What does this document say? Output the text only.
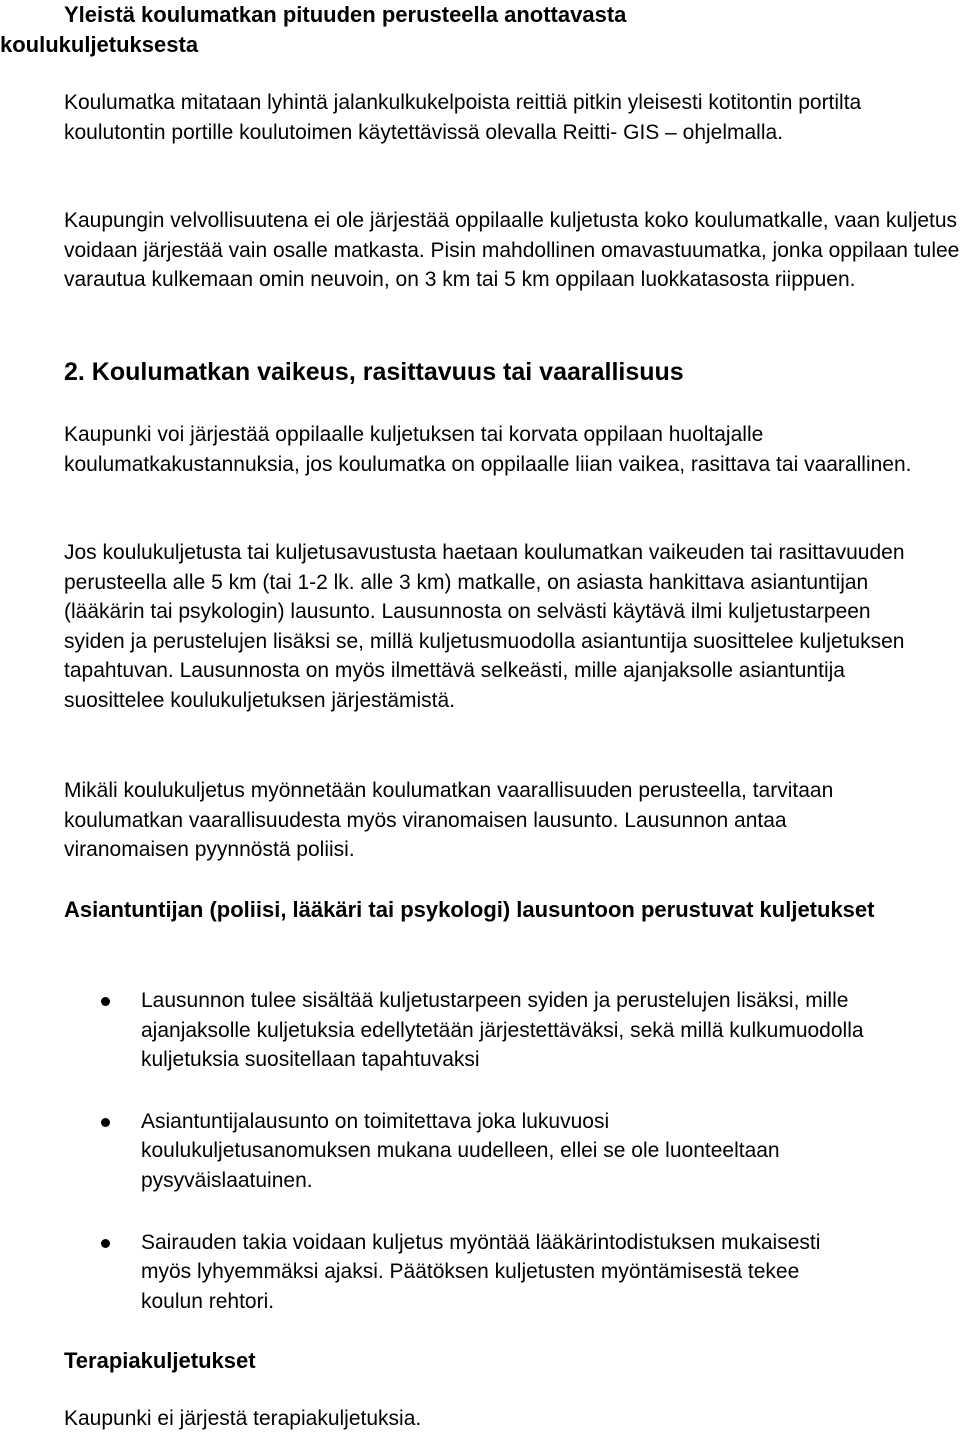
Yleistä koulumatkan pituuden perusteella anottavasta
koulukuljetuksesta

Koulumatka mitataan lyhintä jalankulkukelpoista reittiä pitkin yleisesti kotitontin portilta koulutontin portille koulutoimen käytettävissä olevalla Reitti- GIS – ohjelmalla.

Kaupungin velvollisuutena ei ole järjestää oppilaalle kuljetusta koko koulumatkalle, vaan kuljetus voidaan järjestää vain osalle matkasta. Pisin mahdollinen omavastuumatka, jonka oppilaan tulee varautua kulkemaan omin neuvoin, on 3 km tai 5 km oppilaan luokkatasosta riippuen.

2. Koulumatkan vaikeus, rasittavuus tai vaarallisuus

Kaupunki voi järjestää oppilaalle kuljetuksen tai korvata oppilaan huoltajalle koulumatkakustannuksia, jos koulumatka on oppilaalle liian vaikea, rasittava tai vaarallinen.

Jos koulukuljetusta tai kuljetusavustusta haetaan koulumatkan vaikeuden tai rasittavuuden perusteella alle 5 km (tai 1-2 lk. alle 3 km) matkalle, on asiasta hankittava asiantuntijan (lääkärin tai psykologin) lausunto. Lausunnosta on selvästi käytävä ilmi kuljetustarpeen syiden ja perustelujen lisäksi se, millä kuljetusmuodolla asiantuntija suosittelee kuljetuksen tapahtuvan. Lausunnosta on myös ilmettävä selkeästi, mille ajanjaksolle asiantuntija suosittelee koulukuljetuksen järjestämistä.

Mikäli koulukuljetus myönnetään koulumatkan vaarallisuuden perusteella, tarvitaan koulumatkan vaarallisuudesta myös viranomaisen lausunto. Lausunnon antaa viranomaisen pyynnöstä poliisi.

Asiantuntijan (poliisi, lääkäri tai psykologi) lausuntoon perustuvat kuljetukset
Lausunnon tulee sisältää kuljetustarpeen syiden ja perustelujen lisäksi, mille ajanjaksolle kuljetuksia edellytetään järjestettäväksi, sekä millä kulkumuodolla kuljetuksia suositellaan tapahtuvaksi
Asiantuntijalausunto on toimitettava joka lukuvuosi koulukuljetusanomuksen mukana uudelleen, ellei se ole luonteeltaan pysyväislaatuinen.
Sairauden takia voidaan kuljetus myöntää lääkärintodistuksen mukaisesti myös lyhyemmäksi ajaksi. Päätöksen kuljetusten myöntämisestä tekee koulun rehtori.
Terapiakuljetukset

Kaupunki ei järjestä terapiakuljetuksia.
